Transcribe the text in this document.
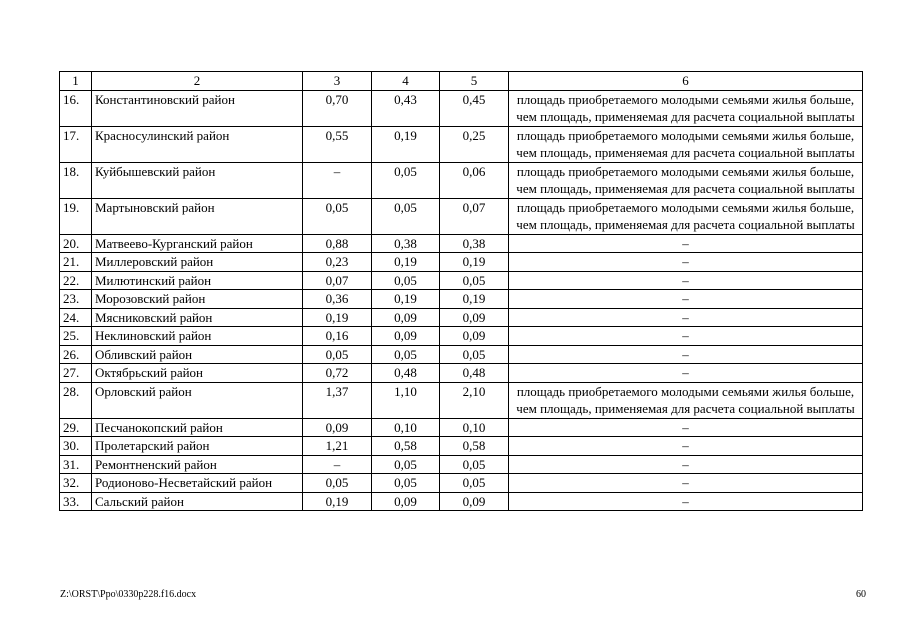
1	2	3	4	5	6
16.	Константиновский район	0,70	0,43	0,45	площадь приобретаемого молодыми семьями жилья больше, чем площадь, применяемая для расчета социальной выплаты
17.	Красносулинский район	0,55	0,19	0,25	площадь приобретаемого молодыми семьями жилья больше, чем площадь, применяемая для расчета социальной выплаты
18.	Куйбышевский район	–	0,05	0,06	площадь приобретаемого молодыми семьями жилья больше, чем площадь, применяемая для расчета социальной выплаты
19.	Мартыновский район	0,05	0,05	0,07	площадь приобретаемого молодыми семьями жилья больше, чем площадь, применяемая для расчета социальной выплаты
20.	Матвеево-Курганский район	0,88	0,38	0,38	–
21.	Миллеровский район	0,23	0,19	0,19	–
22.	Милютинский район	0,07	0,05	0,05	–
23.	Морозовский район	0,36	0,19	0,19	–
24.	Мясниковский район	0,19	0,09	0,09	–
25.	Неклиновский район	0,16	0,09	0,09	–
26.	Обливский район	0,05	0,05	0,05	–
27.	Октябрьский район	0,72	0,48	0,48	–
28.	Орловский район	1,37	1,10	2,10	площадь приобретаемого молодыми семьями жилья больше, чем площадь, применяемая для расчета социальной выплаты
29.	Песчанокопский район	0,09	0,10	0,10	–
30.	Пролетарский район	1,21	0,58	0,58	–
31.	Ремонтненский район	–	0,05	0,05	–
32.	Родионово-Несветайский район	0,05	0,05	0,05	–
33.	Сальский район	0,19	0,09	0,09	–
Z:\ORST\Ppo\0330p228.f16.docx	60
